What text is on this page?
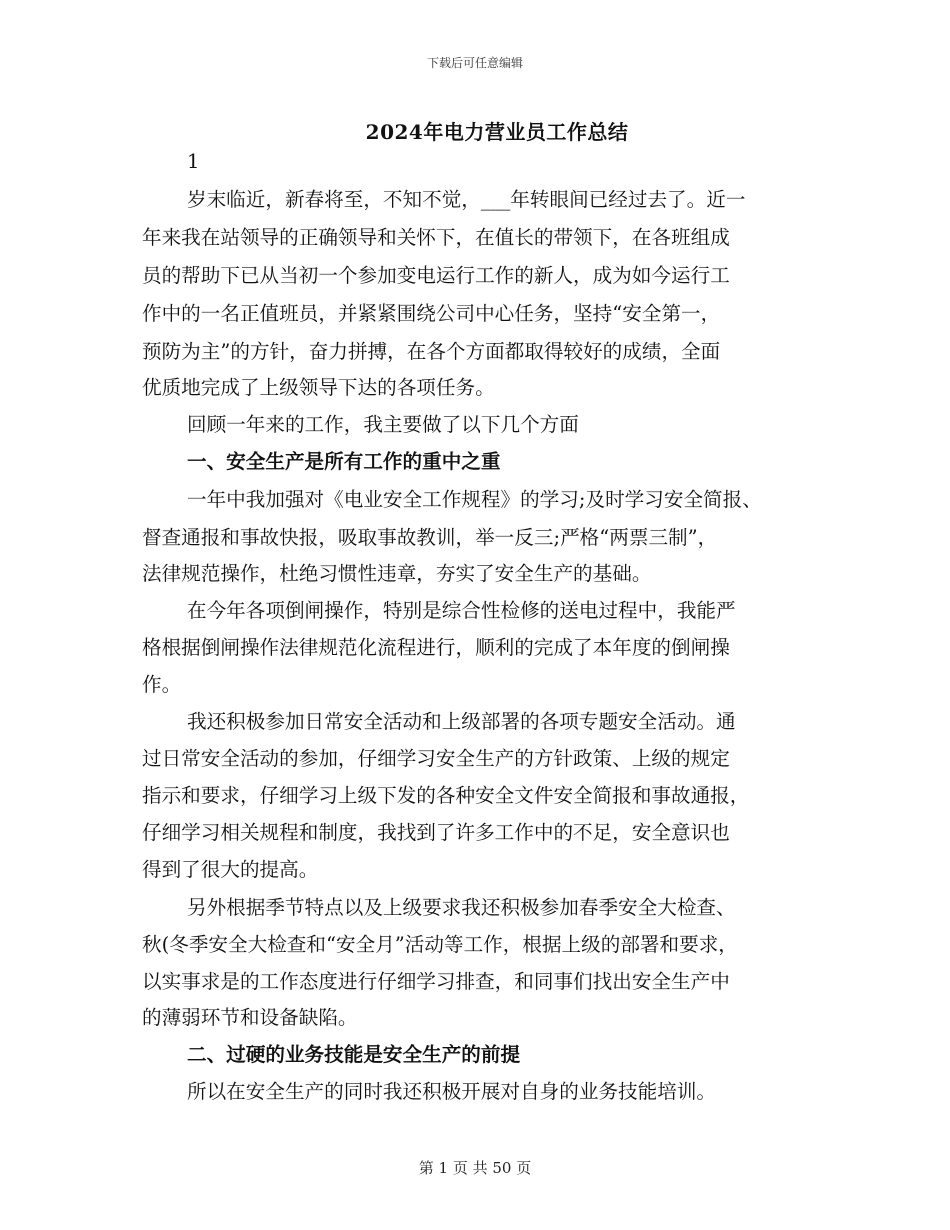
下载后可任意编辑
2024年电力营业员工作总结
1
岁末临近，新春将至，不知不觉，___年转眼间已经过去了。近一
年来我在站领导的正确领导和关怀下，在值长的带领下，在各班组成
员的帮助下已从当初一个参加变电运行工作的新人，成为如今运行工
作中的一名正值班员，并紧紧围绕公司中心任务，坚持“安全第一，
预防为主”的方针，奋力拼搏，在各个方面都取得较好的成绩，全面
优质地完成了上级领导下达的各项任务。
回顾一年来的工作，我主要做了以下几个方面
一、安全生产是所有工作的重中之重
一年中我加强对《电业安全工作规程》的学习;及时学习安全简报、
督查通报和事故快报，吸取事故教训，举一反三;严格“两票三制”，
法律规范操作，杜绝习惯性违章，夯实了安全生产的基础。
在今年各项倒闸操作，特别是综合性检修的送电过程中，我能严
格根据倒闸操作法律规范化流程进行，顺利的完成了本年度的倒闸操
作。
我还积极参加日常安全活动和上级部署的各项专题安全活动。通
过日常安全活动的参加，仔细学习安全生产的方针政策、上级的规定
指示和要求，仔细学习上级下发的各种安全文件安全简报和事故通报，
仔细学习相关规程和制度，我找到了许多工作中的不足，安全意识也
得到了很大的提高。
另外根据季节特点以及上级要求我还积极参加春季安全大检查、
秋(冬季安全大检查和“安全月”活动等工作，根据上级的部署和要求，
以实事求是的工作态度进行仔细学习排查，和同事们找出安全生产中
的薄弱环节和设备缺陷。
二、过硬的业务技能是安全生产的前提
所以在安全生产的同时我还积极开展对自身的业务技能培训。
第 1 页 共 50 页
